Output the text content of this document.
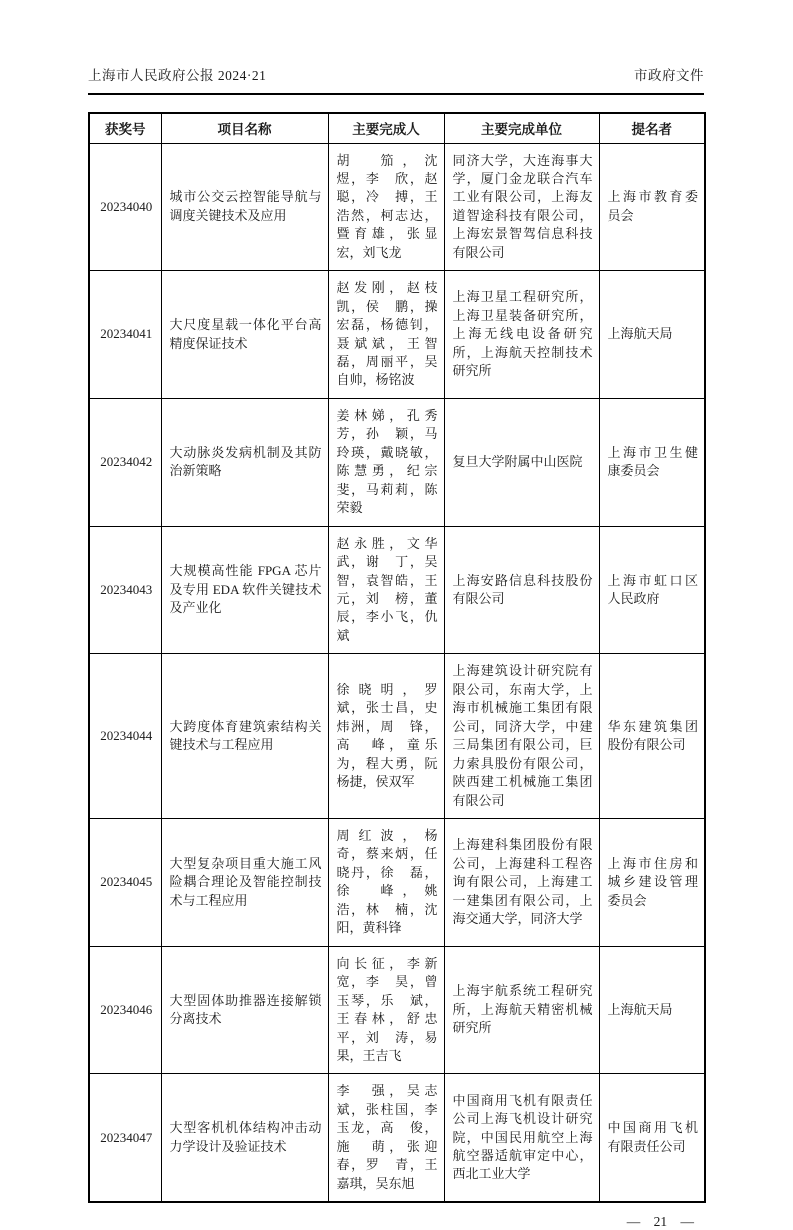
上海市人民政府公报 2024·21	市政府文件
获奖号	项目名称	主要完成人	主要完成单位	提名者
20234040	城市公交云控智能导航与调度关键技术及应用	胡　笳，沈　煜，李　欣，赵　聪，冷　搏，王浩然，柯志达，暨育雄，张显宏，刘飞龙	同济大学，大连海事大学，厦门金龙联合汽车工业有限公司，上海友道智途科技有限公司，上海宏景智驾信息科技有限公司	上海市教育委员会
20234041	大尺度星载一体化平台高精度保证技术	赵发刚，赵枝凯，侯　鹏，操宏磊，杨德钊，聂斌斌，王智磊，周丽平，吴自帅，杨铭波	上海卫星工程研究所，上海卫星装备研究所，上海无线电设备研究所，上海航天控制技术研究所	上海航天局
20234042	大动脉炎发病机制及其防治新策略	姜林娣，孔秀芳，孙　颖，马玲瑛，戴晓敏，陈慧勇，纪宗斐，马莉莉，陈荣毅	复旦大学附属中山医院	上海市卫生健康委员会
20234043	大规模高性能 FPGA 芯片及专用 EDA 软件关键技术及产业化	赵永胜，文华武，谢　丁，吴　智，袁智皓，王　元，刘　榜，董　辰，李小飞，仇　斌	上海安路信息科技股份有限公司	上海市虹口区人民政府
20234044	大跨度体育建筑索结构关键技术与工程应用	徐晓明，罗　斌，张士昌，史炜洲，周　锋，高　峰，童乐为，程大勇，阮杨捷，侯双军	上海建筑设计研究院有限公司，东南大学，上海市机械施工集团有限公司，同济大学，中建三局集团有限公司，巨力索具股份有限公司，陕西建工机械施工集团有限公司	华东建筑集团股份有限公司
20234045	大型复杂项目重大施工风险耦合理论及智能控制技术与工程应用	周红波，杨　奇，蔡来炳，任晓丹，徐　磊，徐　峰，姚　浩，林　楠，沈　阳，黄科锋	上海建科集团股份有限公司，上海建科工程咨询有限公司，上海建工一建集团有限公司，上海交通大学，同济大学	上海市住房和城乡建设管理委员会
20234046	大型固体助推器连接解锁分离技术	向长征，李新宽，李　昊，曾玉琴，乐　斌，王春林，舒忠平，刘　涛，易　果，王吉飞	上海宇航系统工程研究所，上海航天精密机械研究所	上海航天局
20234047	大型客机机体结构冲击动力学设计及验证技术	李　强，吴志斌，张柱国，李玉龙，高　俊，施　萌，张迎春，罗　青，王嘉琪，吴东旭	中国商用飞机有限责任公司上海飞机设计研究院，中国民用航空上海航空器适航审定中心，西北工业大学	中国商用飞机有限责任公司
— 21 —
